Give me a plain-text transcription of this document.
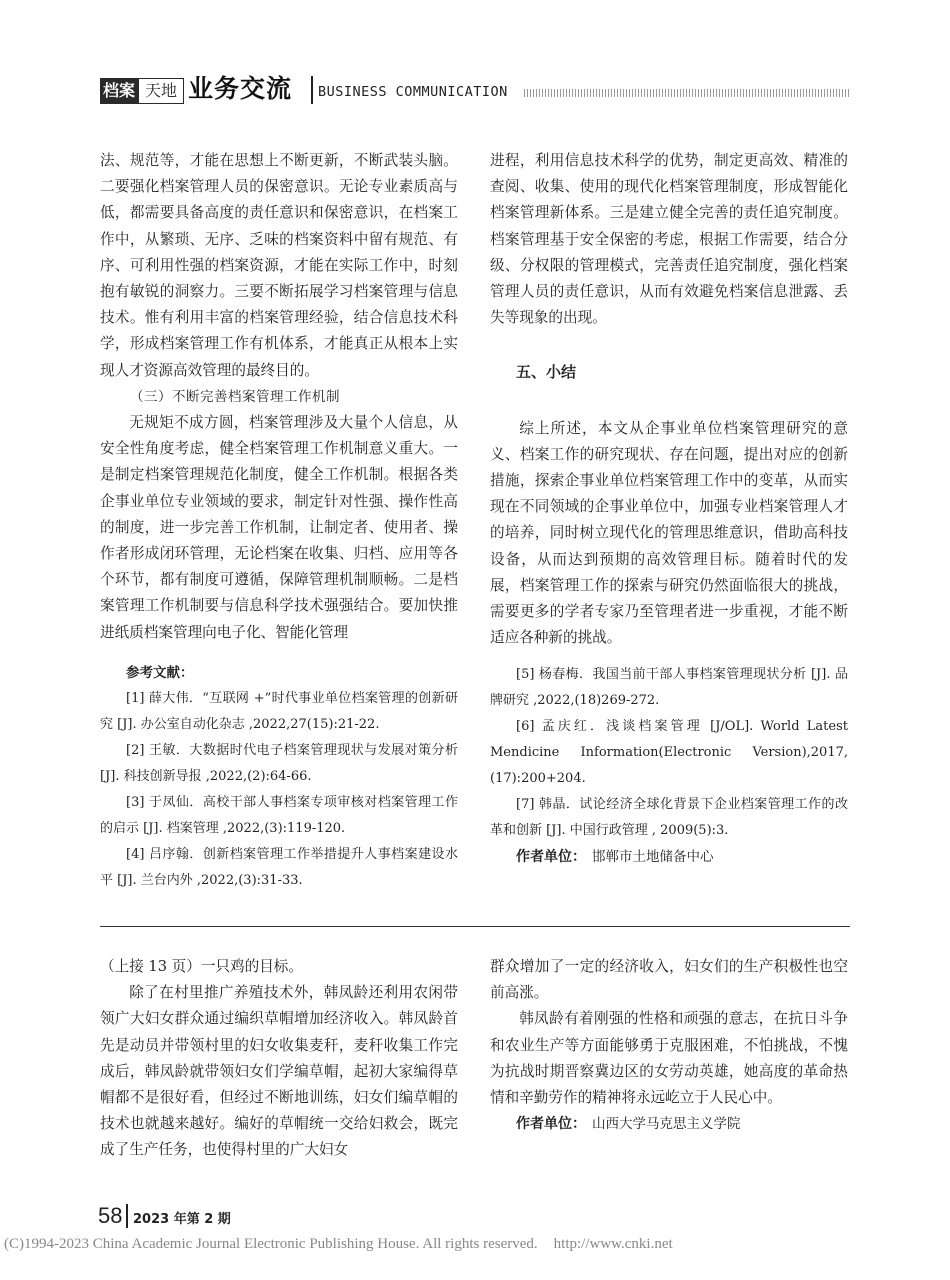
档案 天地 业务交流 BUSINESS COMMUNICATION

法、规范等，才能在思想上不断更新，不断武装头脑。二要强化档案管理人员的保密意识。无论专业素质高与低，都需要具备高度的责任意识和保密意识，在档案工作中，从繁琐、无序、乏味的档案资料中留有规范、有序、可利用性强的档案资源，才能在实际工作中，时刻抱有敏锐的洞察力。三要不断拓展学习档案管理与信息技术。惟有利用丰富的档案管理经验，结合信息技术科学，形成档案管理工作有机体系，才能真正从根本上实现人才资源高效管理的最终目的。

（三）不断完善档案管理工作机制

无规矩不成方圆，档案管理涉及大量个人信息，从安全性角度考虑，健全档案管理工作机制意义重大。一是制定档案管理规范化制度，健全工作机制。根据各类企事业单位专业领域的要求，制定针对性强、操作性高的制度，进一步完善工作机制，让制定者、使用者、操作者形成闭环管理，无论档案在收集、归档、应用等各个环节，都有制度可遵循，保障管理机制顺畅。二是档案管理工作机制要与信息科学技术强强结合。要加快推进纸质档案管理向电子化、智能化管理

进程，利用信息技术科学的优势，制定更高效、精准的查阅、收集、使用的现代化档案管理制度，形成智能化档案管理新体系。三是建立健全完善的责任追究制度。档案管理基于安全保密的考虑，根据工作需要，结合分级、分权限的管理模式，完善责任追究制度，强化档案管理人员的责任意识，从而有效避免档案信息泄露、丢失等现象的出现。

五、小结

综上所述，本文从企事业单位档案管理研究的意义、档案工作的研究现状、存在问题，提出对应的创新措施，探索企事业单位档案管理工作中的变革，从而实现在不同领域的企事业单位中，加强专业档案管理人才的培养，同时树立现代化的管理思维意识，借助高科技设备，从而达到预期的高效管理目标。随着时代的发展，档案管理工作的探索与研究仍然面临很大的挑战，需要更多的学者专家乃至管理者进一步重视，才能不断适应各种新的挑战。

参考文献：

[1] 薛大伟．“互联网 +”时代事业单位档案管理的创新研究 [J]. 办公室自动化杂志 ,2022,27(15):21-22.

[2] 王敏．大数据时代电子档案管理现状与发展对策分析 [J]. 科技创新导报 ,2022,(2):64-66.

[3] 于凤仙．高校干部人事档案专项审核对档案管理工作的启示 [J]. 档案管理 ,2022,(3):119-120.

[4] 吕序翰．创新档案管理工作举措提升人事档案建设水平 [J]. 兰台内外 ,2022,(3):31-33.

[5] 杨春梅．我国当前干部人事档案管理现状分析 [J]. 品牌研究 ,2022,(18)269-272.

[6] 孟庆红．浅谈档案管理 [J/OL]. World Latest Mendicine Information(Electronic Version),2017,(17):200+204.

[7] 韩晶．试论经济全球化背景下企业档案管理工作的改革和创新 [J]. 中国行政管理 , 2009(5):3.

作者单位： 邯郸市土地储备中心

（上接 13 页）一只鸡的目标。

除了在村里推广养殖技术外，韩凤龄还利用农闲带领广大妇女群众通过编织草帽增加经济收入。韩凤龄首先是动员并带领村里的妇女收集麦秆，麦秆收集工作完成后，韩凤龄就带领妇女们学编草帽，起初大家编得草帽都不是很好看，但经过不断地训练，妇女们编草帽的技术也就越来越好。编好的草帽统一交给妇救会，既完成了生产任务，也使得村里的广大妇女

群众增加了一定的经济收入，妇女们的生产积极性也空前高涨。

韩凤龄有着刚强的性格和顽强的意志，在抗日斗争和农业生产等方面能够勇于克服困难，不怕挑战，不愧为抗战时期晋察冀边区的女劳动英雄，她高度的革命热情和辛勤劳作的精神将永远屹立于人民心中。

作者单位： 山西大学马克思主义学院

58 2023 年第 2 期
(C)1994-2023 China Academic Journal Electronic Publishing House. All rights reserved. http://www.cnki.net
